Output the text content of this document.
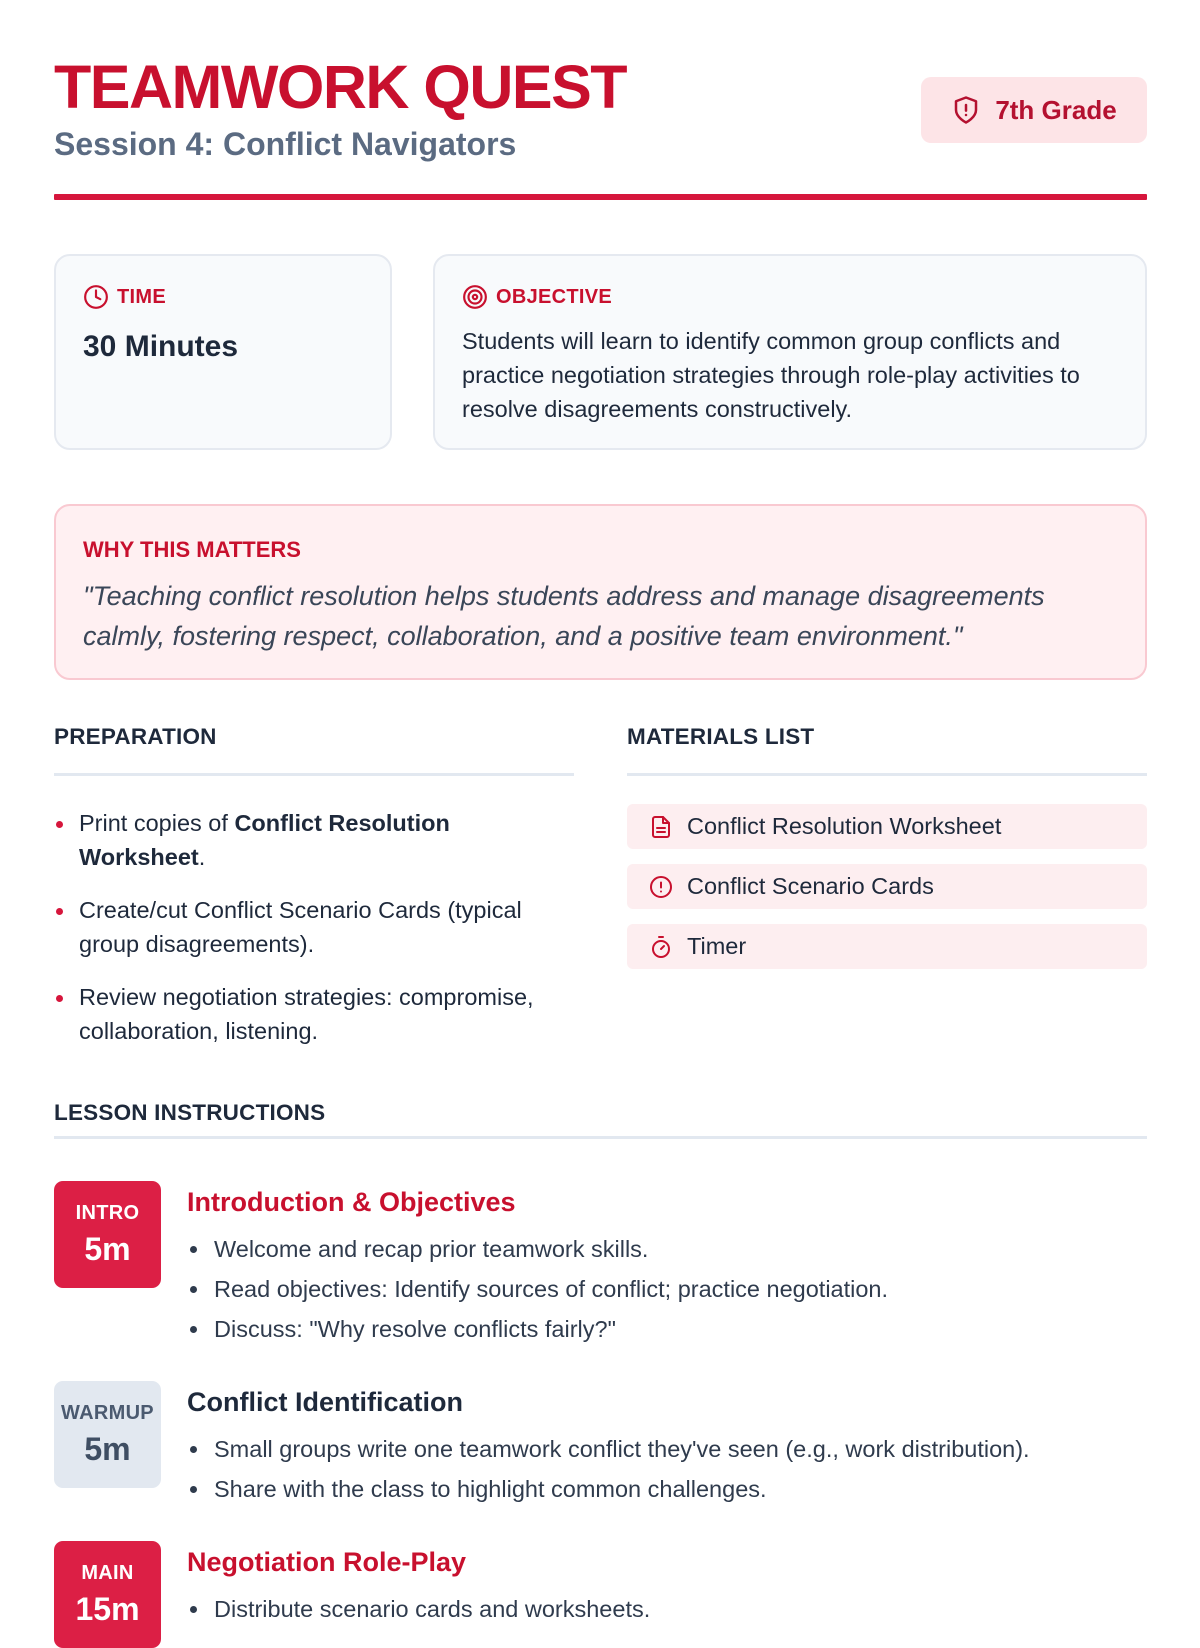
TEAMWORK QUEST
Session 4: Conflict Navigators
7th Grade
TIME
30 Minutes
OBJECTIVE
Students will learn to identify common group conflicts and practice negotiation strategies through role-play activities to resolve disagreements constructively.
WHY THIS MATTERS
"Teaching conflict resolution helps students address and manage disagreements calmly, fostering respect, collaboration, and a positive team environment."
PREPARATION
Print copies of Conflict Resolution Worksheet.
Create/cut Conflict Scenario Cards (typical group disagreements).
Review negotiation strategies: compromise, collaboration, listening.
MATERIALS LIST
Conflict Resolution Worksheet
Conflict Scenario Cards
Timer
LESSON INSTRUCTIONS
INTRO
5m
Introduction & Objectives
Welcome and recap prior teamwork skills.
Read objectives: Identify sources of conflict; practice negotiation.
Discuss: "Why resolve conflicts fairly?"
WARMUP
5m
Conflict Identification
Small groups write one teamwork conflict they've seen (e.g., work distribution).
Share with the class to highlight common challenges.
MAIN
15m
Negotiation Role-Play
Distribute scenario cards and worksheets.
